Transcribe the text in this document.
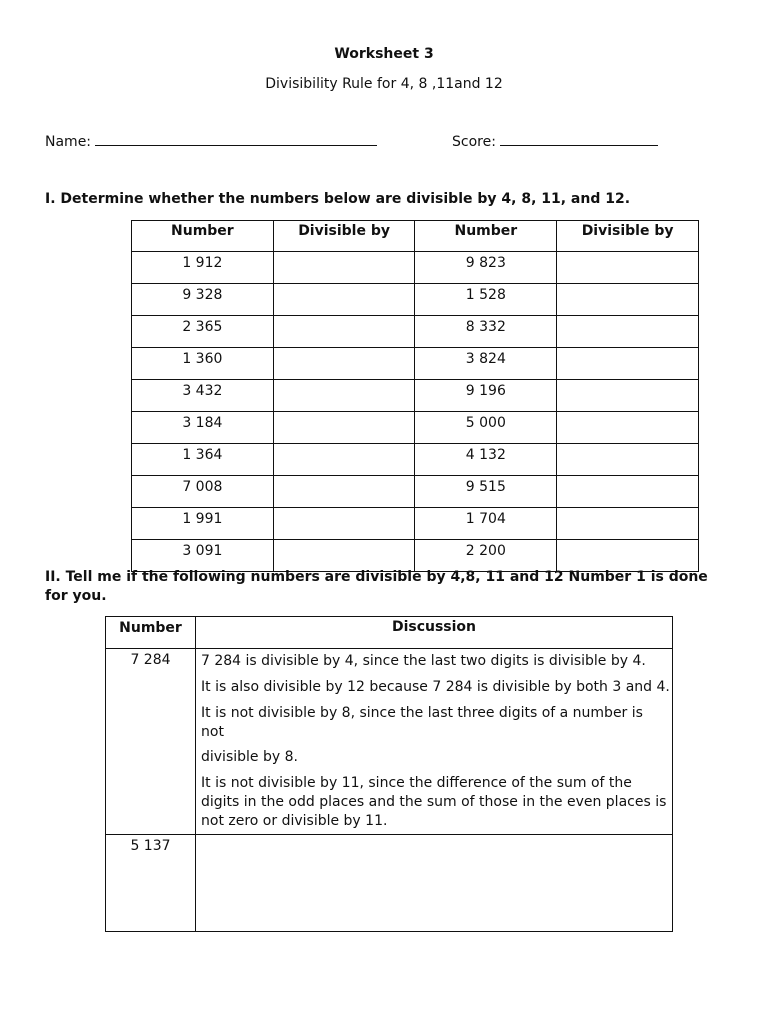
Worksheet 3
Divisibility Rule for 4, 8 ,11and 12
Name:	Score:
I. Determine whether the numbers below are divisible by 4, 8, 11, and 12.
Number	Divisible by	Number	Divisible by
1 912		9 823	
9 328		1 528	
2 365		8 332	
1 360		3 824	
3 432		9 196	
3 184		5 000	
1 364		4 132	
7 008		9 515	
1 991		1 704	
3 091		2 200	
II. Tell me if the following numbers are divisible by 4,8, 11 and 12 Number 1 is done for you.
Number	Discussion
7 284	7 284 is divisible by 4, since the last two digits is divisible by 4.

It is also divisible by 12 because 7 284 is divisible by both 3 and 4.

It is not divisible by 8, since the last three digits of a number is not

divisible by 8.

It is not divisible by 11, since the difference of the sum of the digits in the odd places and the sum of those in the even places is not zero or divisible by 11.

5 137	
